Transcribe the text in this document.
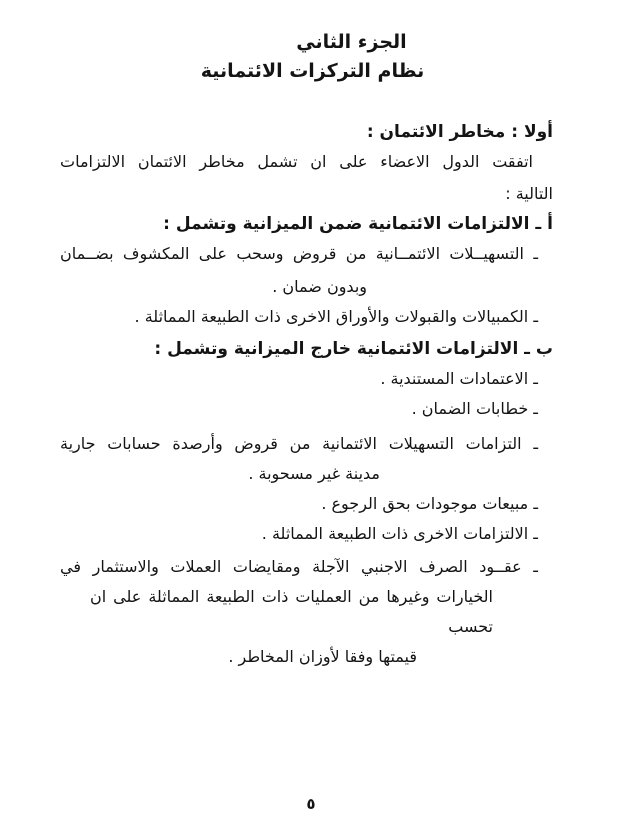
الجزء الثاني
نظام التركزات الائتمانية
أولا : مخاطر الائتمان :
اتفقت الدول الاعضاء على ان تشمل مخاطر الائتمان الالتزامات
التالية :
أ ـ الالتزامات الائتمانية ضمن الميزانية وتشمل :
ـ التسهيــلات الائتمــانية من قروض وسحب على المكشوف بضــمان
وبدون ضمان .
ـ الكمبيالات والقبولات والأوراق الاخرى ذات الطبيعة المماثلة .
ب ـ الالتزامات الائتمانية خارج الميزانية وتشمل :
ـ الاعتمادات المستندية .
ـ خطابات الضمان .
ـ التزامات التسهيلات الائتمانية من قروض وأرصدة حسابات جارية
مدينة غير مسحوبة .
ـ مبيعات موجودات بحق الرجوع .
ـ الالتزامات الاخرى ذات الطبيعة المماثلة .
ـ عقــود الصرف الاجنبي الآجلة ومقايضات العملات والاستثمار في
الخيارات وغيرها من العمليات ذات الطبيعة المماثلة على ان تحسب
قيمتها وفقا لأوزان المخاطر .
٥
